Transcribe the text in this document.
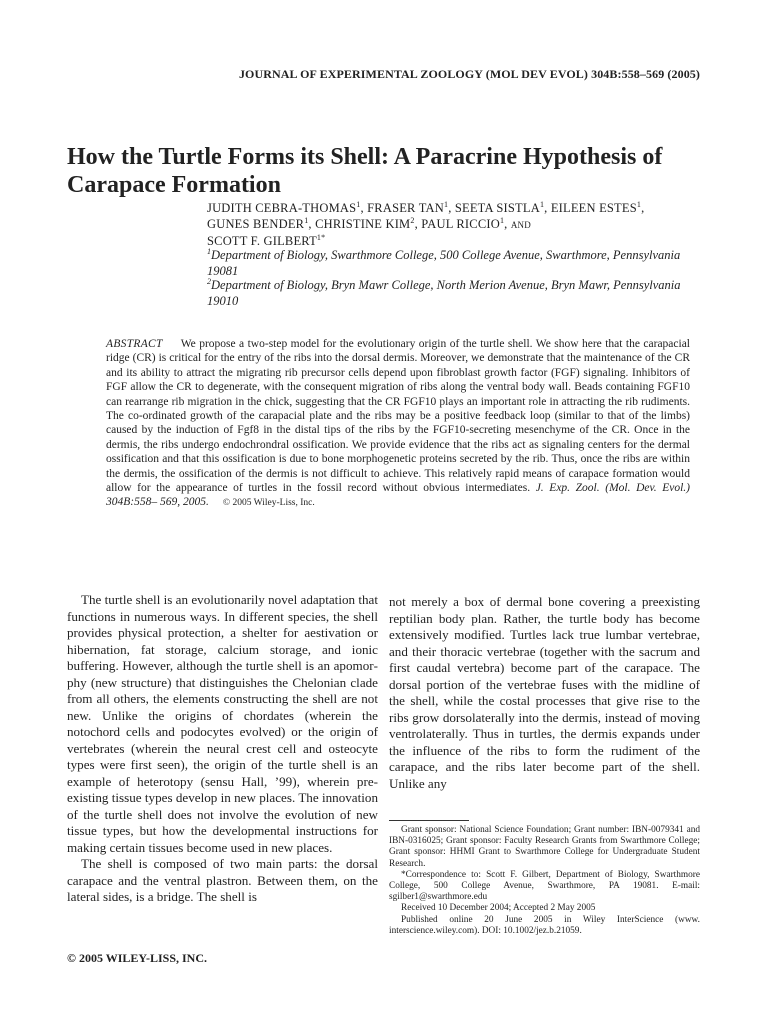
JOURNAL OF EXPERIMENTAL ZOOLOGY (MOL DEV EVOL) 304B:558–569 (2005)
How the Turtle Forms its Shell: A Paracrine Hypothesis of Carapace Formation
JUDITH CEBRA-THOMAS$^1$, FRASER TAN$^1$, SEETA SISTLA$^1$, EILEEN ESTES$^1$,
GUNES BENDER$^1$, CHRISTINE KIM$^2$, PAUL RICCIO$^1$, AND
SCOTT F. $GILBERT^{1*}$
$^1$Department of Biology, Swarthmore College, 500 College Avenue, Swarthmore, Pennsylvania 19081
$^2$Department of Biology, Bryn Mawr College, North Merion Avenue, Bryn Mawr, Pennsylvania 19010

ABSTRACT We propose a two-step model for the evolutionary origin of the turtle shell. We show here that the carapacial ridge (CR) is critical for the entry of the ribs into the dorsal dermis. Moreover, we demonstrate that the maintenance of the CR and its ability to attract the migrating rib precursor cells depend upon fibroblast growth factor (FGF) signaling. Inhibitors of FGF allow the CR to degenerate, with the consequent migration of ribs along the ventral body wall. Beads containing FGF10 can rearrange rib migration in the chick, suggesting that the CR FGF10 plays an important role in attracting the rib rudiments. The co-ordinated growth of the carapacial plate and the ribs may be a positive feedback loop (similar to that of the limbs) caused by the induction of Fgf8 in the distal tips of the ribs by the FGF10-secreting mesenchyme of the CR. Once in the dermis, the ribs undergo endochrondral ossification. We provide evidence that the ribs act as signaling centers for the dermal ossification and that this ossification is due to bone morphogenetic proteins secreted by the rib. Thus, once the ribs are within the dermis, the ossification of the dermis is not difficult to achieve. This relatively rapid means of carapace formation would allow for the appearance of turtles in the fossil record without obvious intermediates. J. Exp. Zool. (Mol. Dev. Evol.) 304B:558– 569, 2005. © 2005 Wiley-Liss, Inc.

The turtle shell is an evolutionarily novel adaptation that functions in numerous ways. In different species, the shell provides physical protection, a shelter for aestivation or hibernation, fat storage, calcium storage, and ionic buffering. However, although the turtle shell is an apomorphy (new structure) that distinguishes the Chelonian clade from all others, the elements constructing the shell are not new. Unlike the origins of chordates (wherein the notochord cells and podocytes evolved) or the origin of vertebrates (wherein the neural crest cell and osteocyte types were first seen), the origin of the turtle shell is an example of heterotopy (sensu Hall, ’99), wherein pre-existing tissue types develop in new places. The innovation of the turtle shell does not involve the evolution of new tissue types, but how the developmental instructions for making certain tissues become used in new places.

The shell is composed of two main parts: the dorsal carapace and the ventral plastron. Between them, on the lateral sides, is a bridge. The shell is

not merely a box of dermal bone covering a preexisting reptilian body plan. Rather, the turtle body has become extensively modified. Turtles lack true lumbar vertebrae, and their thoracic vertebrae (together with the sacrum and first caudal vertebra) become part of the carapace. The dorsal portion of the vertebrae fuses with the midline of the shell, while the costal processes that give rise to the ribs grow dorsolaterally into the dermis, instead of moving ventrolaterally. Thus in turtles, the dermis expands under the influence of the ribs to form the rudiment of the carapace, and the ribs later become part of the shell. Unlike any

Grant sponsor: National Science Foundation; Grant number: IBN-0079341 and IBN-0316025; Grant sponsor: Faculty Research Grants from Swarthmore College; Grant sponsor: HHMI Grant to Swarthmore College for Undergraduate Student Research.

*Correspondence to: Scott F. Gilbert, Department of Biology, Swarthmore College, 500 College Avenue, Swarthmore, PA 19081. E-mail: sgilber1@swarthmore.edu

Received 10 December 2004; Accepted 2 May 2005

Published online 20 June 2005 in Wiley InterScience (www. interscience.wiley.com). DOI: 10.1002/jez.b.21059.

© 2005 WILEY-LISS, INC.
